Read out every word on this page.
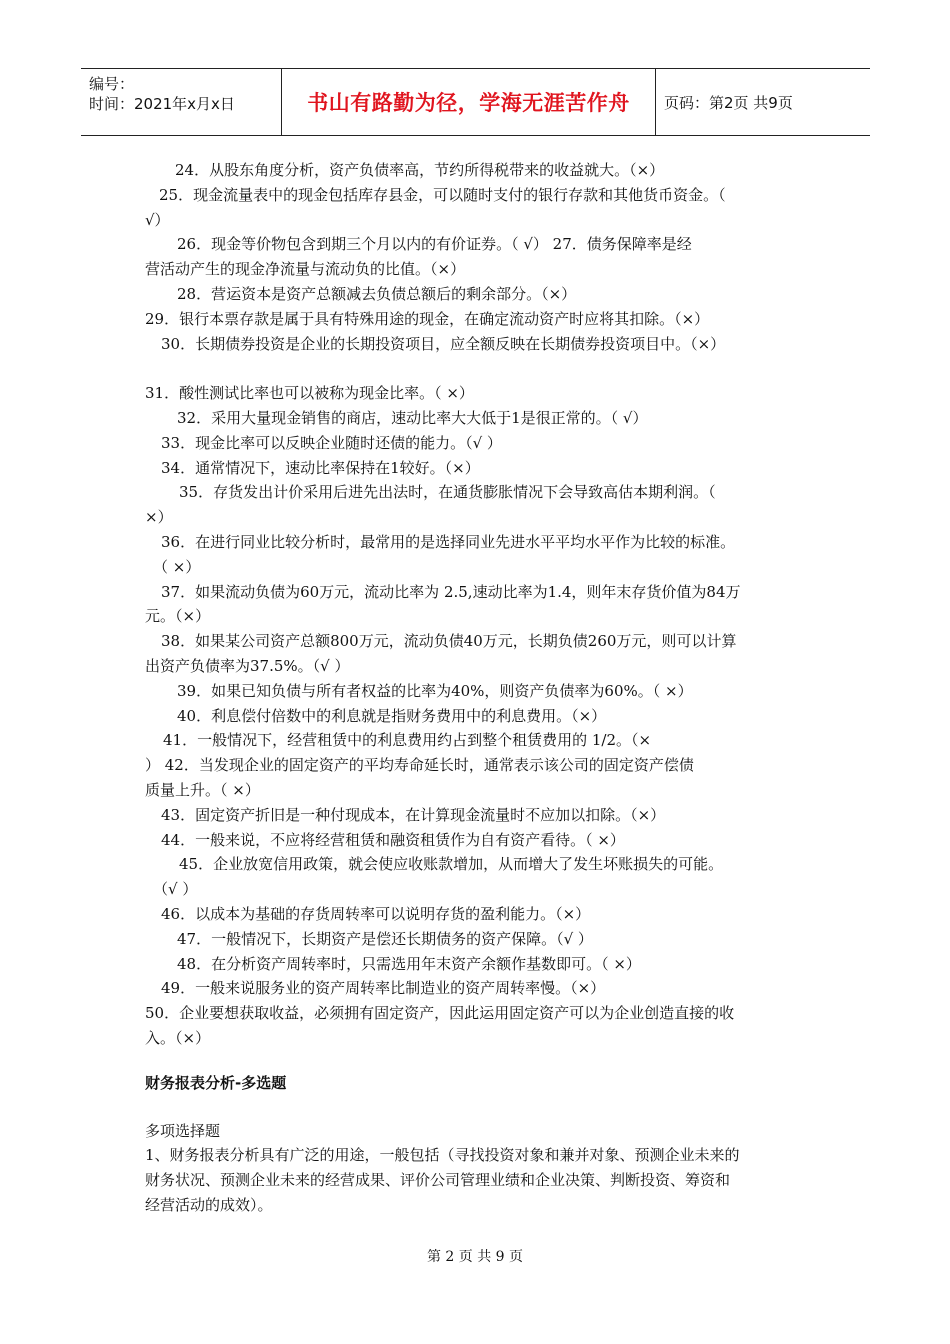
编号：
时间：2021年x月x日	书山有路勤为径，学海无涯苦作舟	页码：第2页 共9页
24．从股东角度分析，资产负债率高，节约所得税带来的收益就大。（×）
25．现金流量表中的现金包括库存县金，可以随时支付的银行存款和其他货币资金。（
√）
26．现金等价物包含到期三个月以内的有价证券。（ √） 27．债务保障率是经
营活动产生的现金净流量与流动负的比值。（×）
28．营运资本是资产总额减去负债总额后的剩余部分。（×）
29．银行本票存款是属于具有特殊用途的现金，在确定流动资产时应将其扣除。（×）
30．长期债券投资是企业的长期投资项目，应全额反映在长期债券投资项目中。（×）

31．酸性测试比率也可以被称为现金比率。（ ×）
32．采用大量现金销售的商店，速动比率大大低于1是很正常的。（ √）
33．现金比率可以反映企业随时还债的能力。（√ ）
34．通常情况下，速动比率保持在1较好。（×）
35．存货发出计价采用后进先出法时，在通货膨胀情况下会导致高估本期利润。（
×）
36．在进行同业比较分析时，最常用的是选择同业先进水平平均水平作为比较的标准。
（ ×）
37．如果流动负债为60万元，流动比率为 2.5,速动比率为1.4，则年末存货价值为84万
元。（×）
38．如果某公司资产总额800万元，流动负债40万元，长期负债260万元，则可以计算
出资产负债率为37.5%。（√ ）
39．如果已知负债与所有者权益的比率为40%，则资产负债率为60%。（ ×）
40．利息偿付倍数中的利息就是指财务费用中的利息费用。（×）
41．一般情况下，经营租赁中的利息费用约占到整个租赁费用的 1/2。（×
） 42．当发现企业的固定资产的平均寿命延长时，通常表示该公司的固定资产偿债
质量上升。（ ×）
43．固定资产折旧是一种付现成本，在计算现金流量时不应加以扣除。（×）
44．一般来说，不应将经营租赁和融资租赁作为自有资产看待。（ ×）
45．企业放宽信用政策，就会使应收账款增加，从而增大了发生坏账损失的可能。
（√ ）
46．以成本为基础的存货周转率可以说明存货的盈利能力。（×）
47．一般情况下，长期资产是偿还长期债务的资产保障。（√ ）
48．在分析资产周转率时，只需选用年末资产余额作基数即可。（ ×）
49．一般来说服务业的资产周转率比制造业的资产周转率慢。（×）
50．企业要想获取收益，必须拥有固定资产，因此运用固定资产可以为企业创造直接的收
入。（×）
财务报表分析-多选题
多项选择题
1、财务报表分析具有广泛的用途，一般包括（寻找投资对象和兼并对象、预测企业未来的
财务状况、预测企业未来的经营成果、评价公司管理业绩和企业决策、判断投资、筹资和
经营活动的成效）。
第 2 页 共 9 页
